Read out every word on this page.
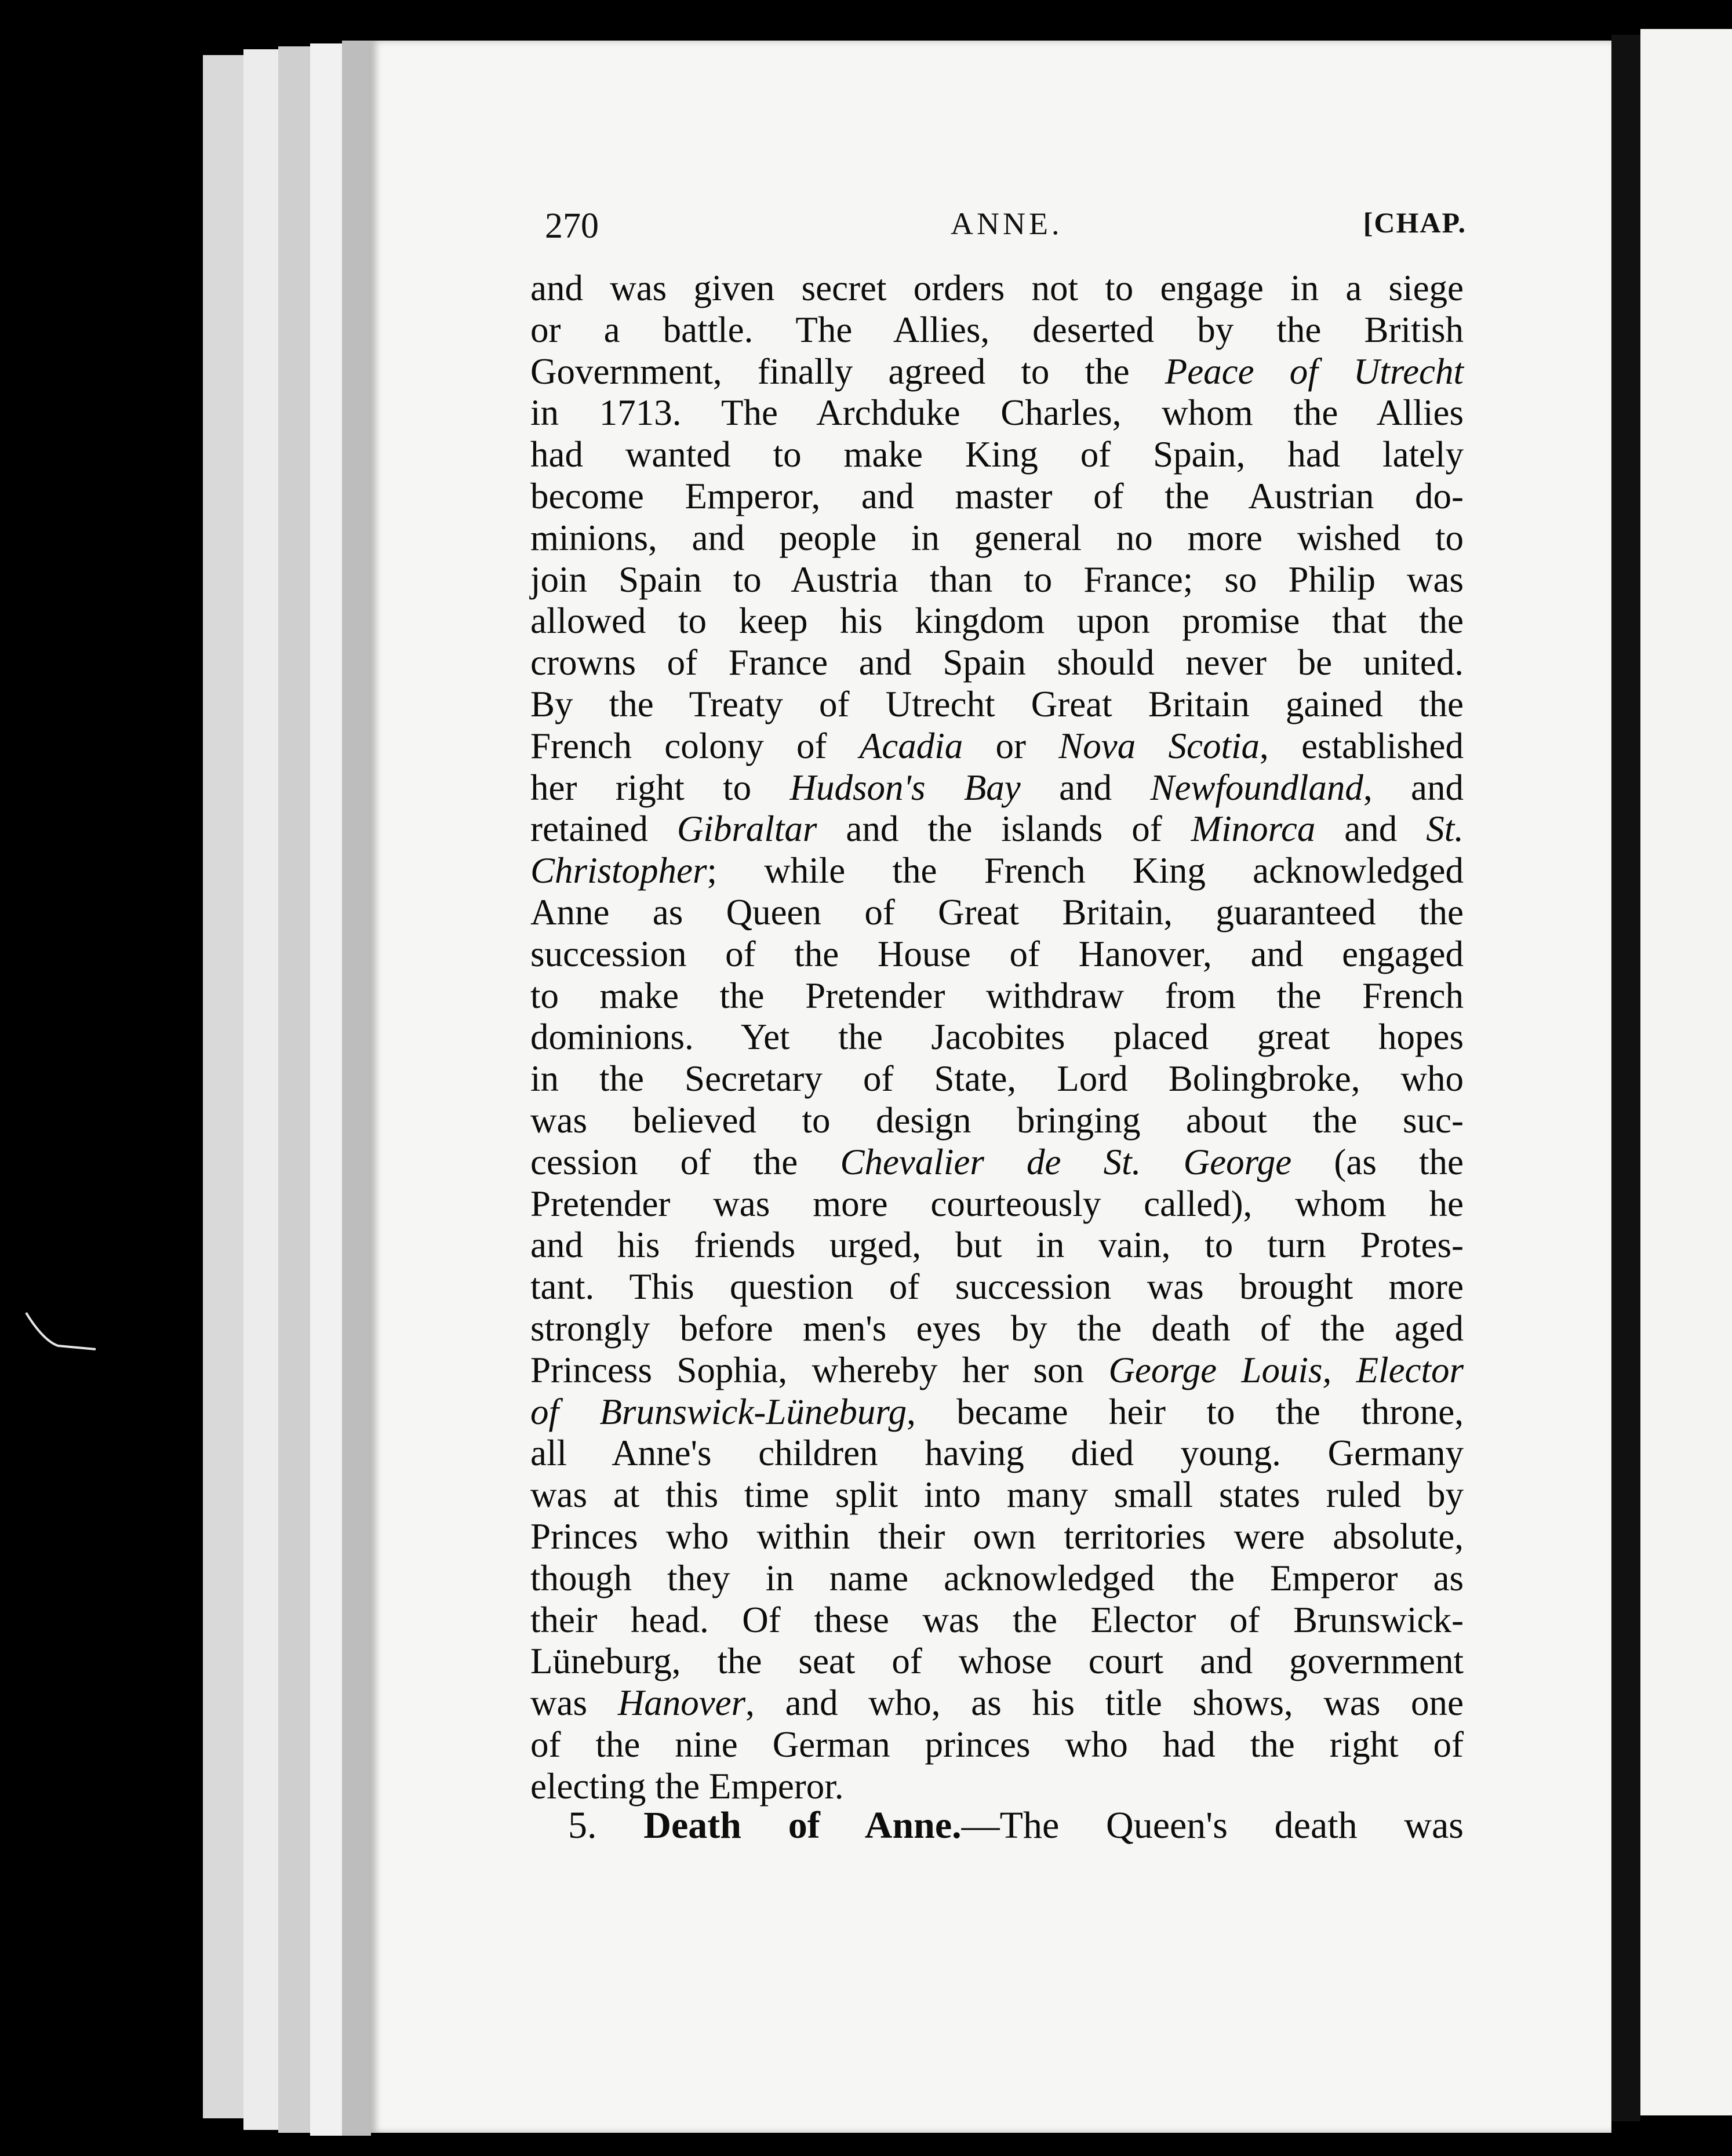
270	ANNE.	[CHAP.
and was given secret orders not to engage in a siege
or a battle. The Allies, deserted by the British
Government, finally agreed to the Peace of Utrecht
in 1713. The Archduke Charles, whom the Allies
had wanted to make King of Spain, had lately
become Emperor, and master of the Austrian do-
minions, and people in general no more wished to
join Spain to Austria than to France; so Philip was
allowed to keep his kingdom upon promise that the
crowns of France and Spain should never be united.
By the Treaty of Utrecht Great Britain gained the
French colony of Acadia or Nova Scotia, established
her right to Hudson's Bay and Newfoundland, and
retained Gibraltar and the islands of Minorca and St.
Christopher; while the French King acknowledged
Anne as Queen of Great Britain, guaranteed the
succession of the House of Hanover, and engaged
to make the Pretender withdraw from the French
dominions. Yet the Jacobites placed great hopes
in the Secretary of State, Lord Bolingbroke, who
was believed to design bringing about the suc-
cession of the Chevalier de St. George (as the
Pretender was more courteously called), whom he
and his friends urged, but in vain, to turn Protes-
tant. This question of succession was brought more
strongly before men's eyes by the death of the aged
Princess Sophia, whereby her son George Louis, Elector
of Brunswick-Lüneburg, became heir to the throne,
all Anne's children having died young. Germany
was at this time split into many small states ruled by
Princes who within their own territories were absolute,
though they in name acknowledged the Emperor as
their head. Of these was the Elector of Brunswick-
Lüneburg, the seat of whose court and government
was Hanover, and who, as his title shows, was one
of the nine German princes who had the right of
electing the Emperor.
5. Death of Anne.—The Queen's death was
